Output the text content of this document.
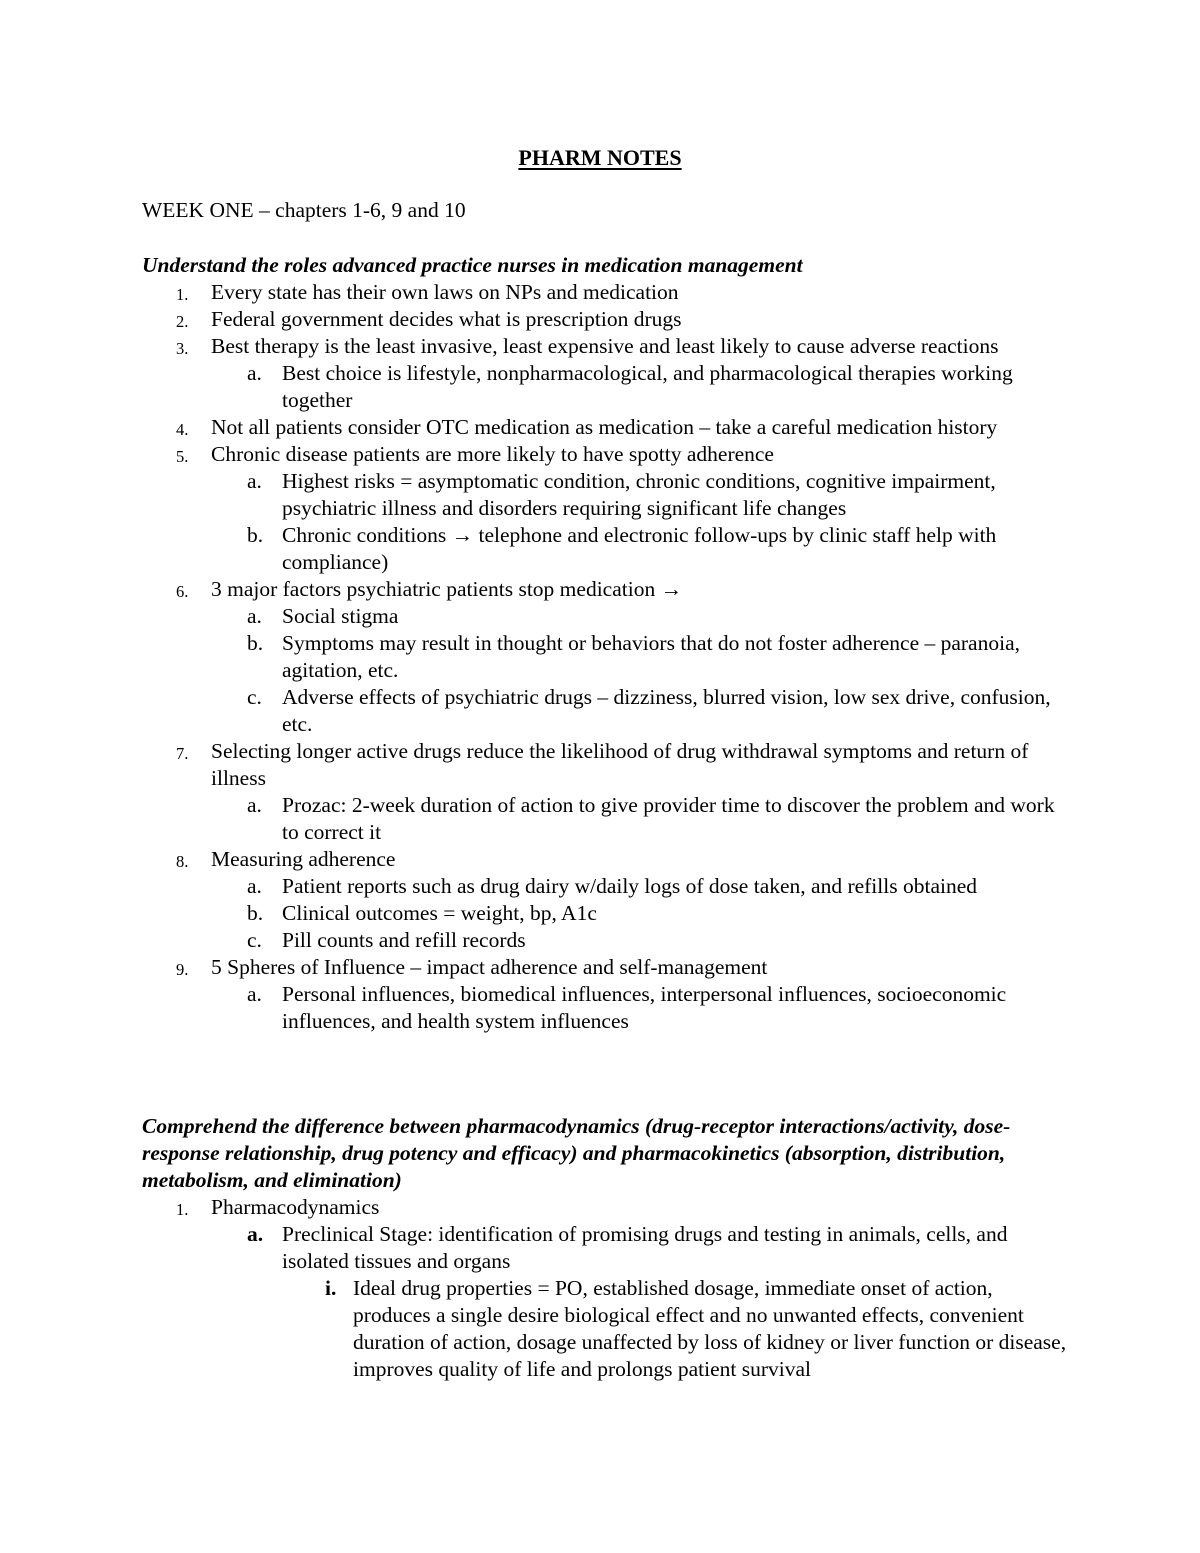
PHARM NOTES
WEEK ONE – chapters 1-6, 9 and 10

Understand the roles advanced practice nurses in medication management

1. Every state has their own laws on NPs and medication
2. Federal government decides what is prescription drugs
3. Best therapy is the least invasive, least expensive and least likely to cause adverse reactions
a. Best choice is lifestyle, nonpharmacological, and pharmacological therapies working together
4. Not all patients consider OTC medication as medication – take a careful medication history
5. Chronic disease patients are more likely to have spotty adherence
a. Highest risks = asymptomatic condition, chronic conditions, cognitive impairment, psychiatric illness and disorders requiring significant life changes
b. Chronic conditions → telephone and electronic follow-ups by clinic staff help with compliance)
6. 3 major factors psychiatric patients stop medication →
a. Social stigma
b. Symptoms may result in thought or behaviors that do not foster adherence – paranoia, agitation, etc.
c. Adverse effects of psychiatric drugs – dizziness, blurred vision, low sex drive, confusion, etc.
7. Selecting longer active drugs reduce the likelihood of drug withdrawal symptoms and return of illness
a. Prozac: 2-week duration of action to give provider time to discover the problem and work to correct it
8. Measuring adherence
a. Patient reports such as drug dairy w/daily logs of dose taken, and refills obtained
b. Clinical outcomes = weight, bp, A1c
c. Pill counts and refill records
9. 5 Spheres of Influence – impact adherence and self-management
a. Personal influences, biomedical influences, interpersonal influences, socioeconomic influences, and health system influences

Comprehend the difference between pharmacodynamics (drug-receptor interactions/activity, dose-response relationship, drug potency and efficacy) and pharmacokinetics (absorption, distribution, metabolism, and elimination)

1. Pharmacodynamics
a. Preclinical Stage: identification of promising drugs and testing in animals, cells, and isolated tissues and organs
i. Ideal drug properties = PO, established dosage, immediate onset of action, produces a single desire biological effect and no unwanted effects, convenient duration of action, dosage unaffected by loss of kidney or liver function or disease, improves quality of life and prolongs patient survival
